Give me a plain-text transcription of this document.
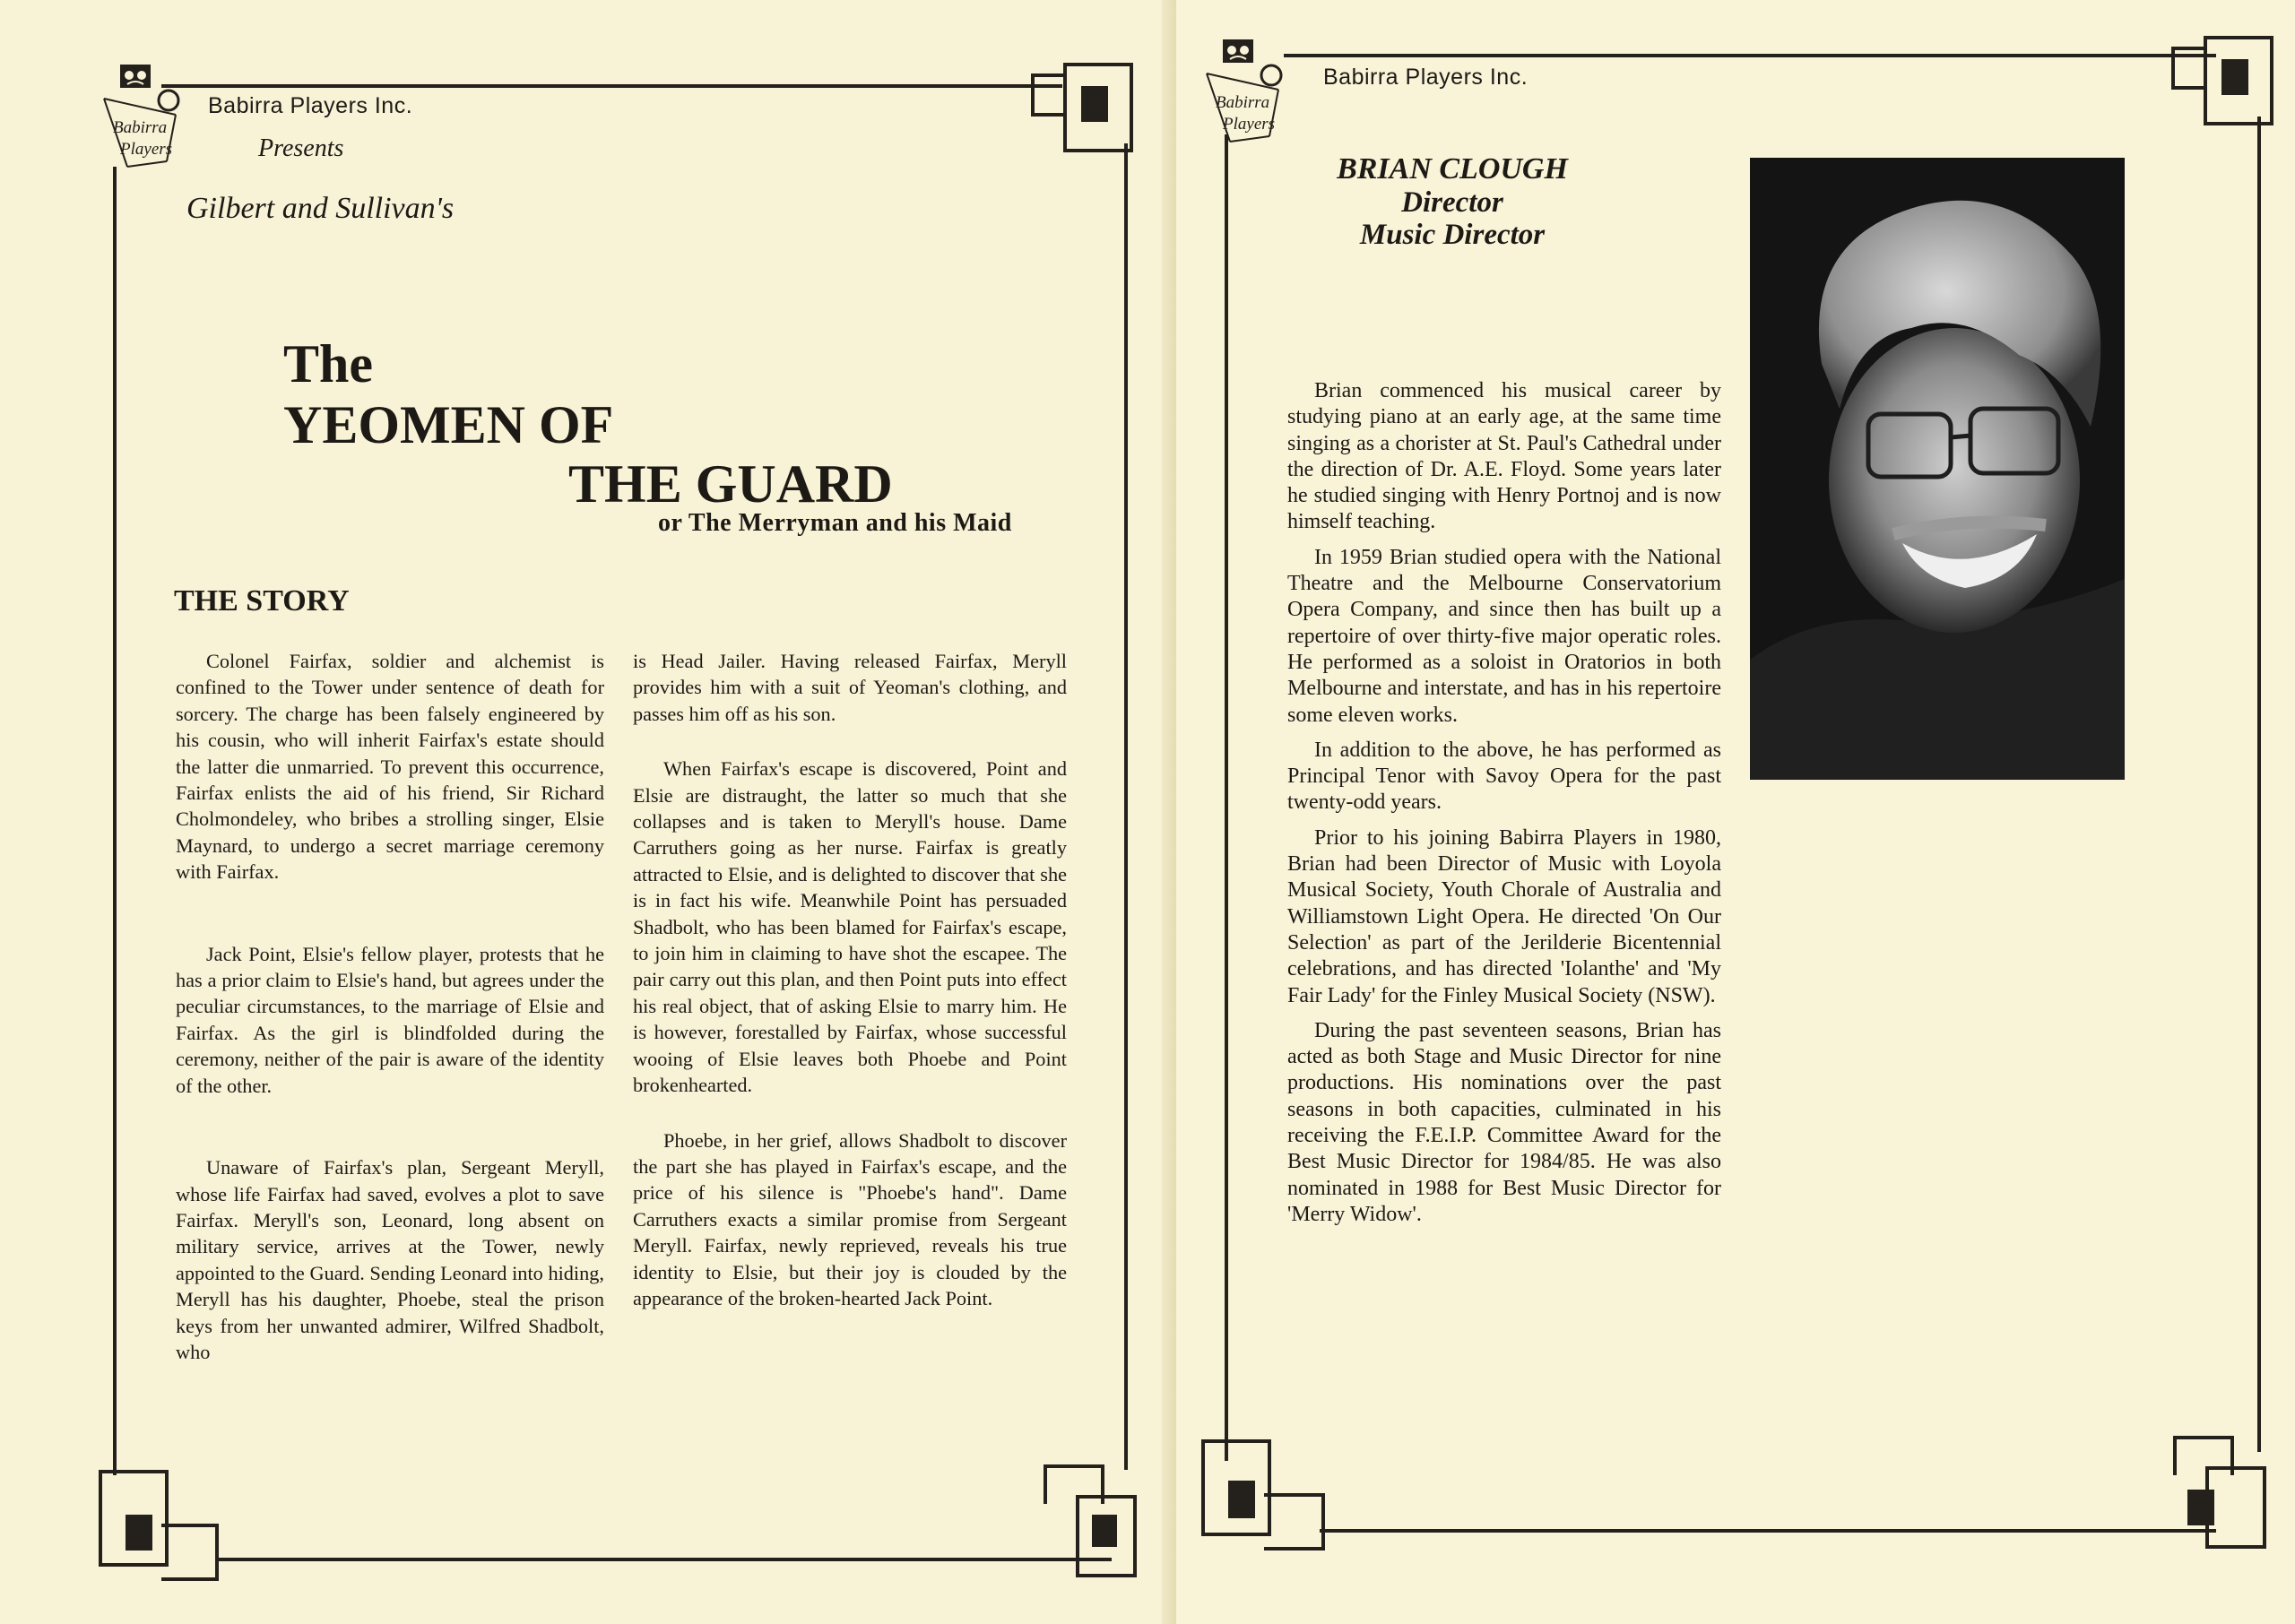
Babirra
Players
Babirra Players Inc.
Presents
Gilbert and Sullivan's
The
YEOMEN OF
THE GUARD
or The Merryman and his Maid
THE STORY

Colonel Fairfax, soldier and alchemist is confined to the Tower under sentence of death for sorcery. The charge has been falsely engineered by his cousin, who will inherit Fairfax's estate should the latter die unmarried. To prevent this occurrence, Fairfax enlists the aid of his friend, Sir Richard Cholmondeley, who bribes a strolling singer, Elsie Maynard, to undergo a secret marriage ceremony with Fairfax.

Jack Point, Elsie's fellow player, protests that he has a prior claim to Elsie's hand, but agrees under the peculiar circumstances, to the marriage of Elsie and Fairfax. As the girl is blindfolded during the ceremony, neither of the pair is aware of the identity of the other.

Unaware of Fairfax's plan, Sergeant Meryll, whose life Fairfax had saved, evolves a plot to save Fairfax. Meryll's son, Leonard, long absent on military service, arrives at the Tower, newly appointed to the Guard. Sending Leonard into hiding, Meryll has his daughter, Phoebe, steal the prison keys from her unwanted admirer, Wilfred Shadbolt, who

is Head Jailer. Having released Fairfax, Meryll provides him with a suit of Yeoman's clothing, and passes him off as his son.

When Fairfax's escape is discovered, Point and Elsie are distraught, the latter so much that she collapses and is taken to Meryll's house. Dame Carruthers going as her nurse. Fairfax is greatly attracted to Elsie, and is delighted to discover that she is in fact his wife. Meanwhile Point has persuaded Shadbolt, who has been blamed for Fairfax's escape, to join him in claiming to have shot the escapee. The pair carry out this plan, and then Point puts into effect his real object, that of asking Elsie to marry him. He is however, forestalled by Fairfax, whose successful wooing of Elsie leaves both Phoebe and Point brokenhearted.

Phoebe, in her grief, allows Shadbolt to discover the part she has played in Fairfax's escape, and the price of his silence is "Phoebe's hand". Dame Carruthers exacts a similar promise from Sergeant Meryll. Fairfax, newly reprieved, reveals his true identity to Elsie, but their joy is clouded by the appearance of the broken-hearted Jack Point.

Babirra
Players
Babirra Players Inc.
BRIAN CLOUGH
Director
Music Director

Brian commenced his musical career by studying piano at an early age, at the same time singing as a chorister at St. Paul's Cathedral under the direction of Dr. A.E. Floyd. Some years later he studied singing with Henry Portnoj and is now himself teaching.

In 1959 Brian studied opera with the National Theatre and the Melbourne Conservatorium Opera Company, and since then has built up a repertoire of over thirty-five major operatic roles. He performed as a soloist in Oratorios in both Melbourne and interstate, and has in his repertoire some eleven works.

In addition to the above, he has performed as Principal Tenor with Savoy Opera for the past twenty-odd years.

Prior to his joining Babirra Players in 1980, Brian had been Director of Music with Loyola Musical Society, Youth Chorale of Australia and Williamstown Light Opera. He directed 'On Our Selection' as part of the Jerilderie Bicentennial celebrations, and has directed 'Iolanthe' and 'My Fair Lady' for the Finley Musical Society (NSW).

During the past seventeen seasons, Brian has acted as both Stage and Music Director for nine productions. His nominations over the past seasons in both capacities, culminated in his receiving the F.E.I.P. Committee Award for the Best Music Director for 1984/85. He was also nominated in 1988 for Best Music Director for 'Merry Widow'.
